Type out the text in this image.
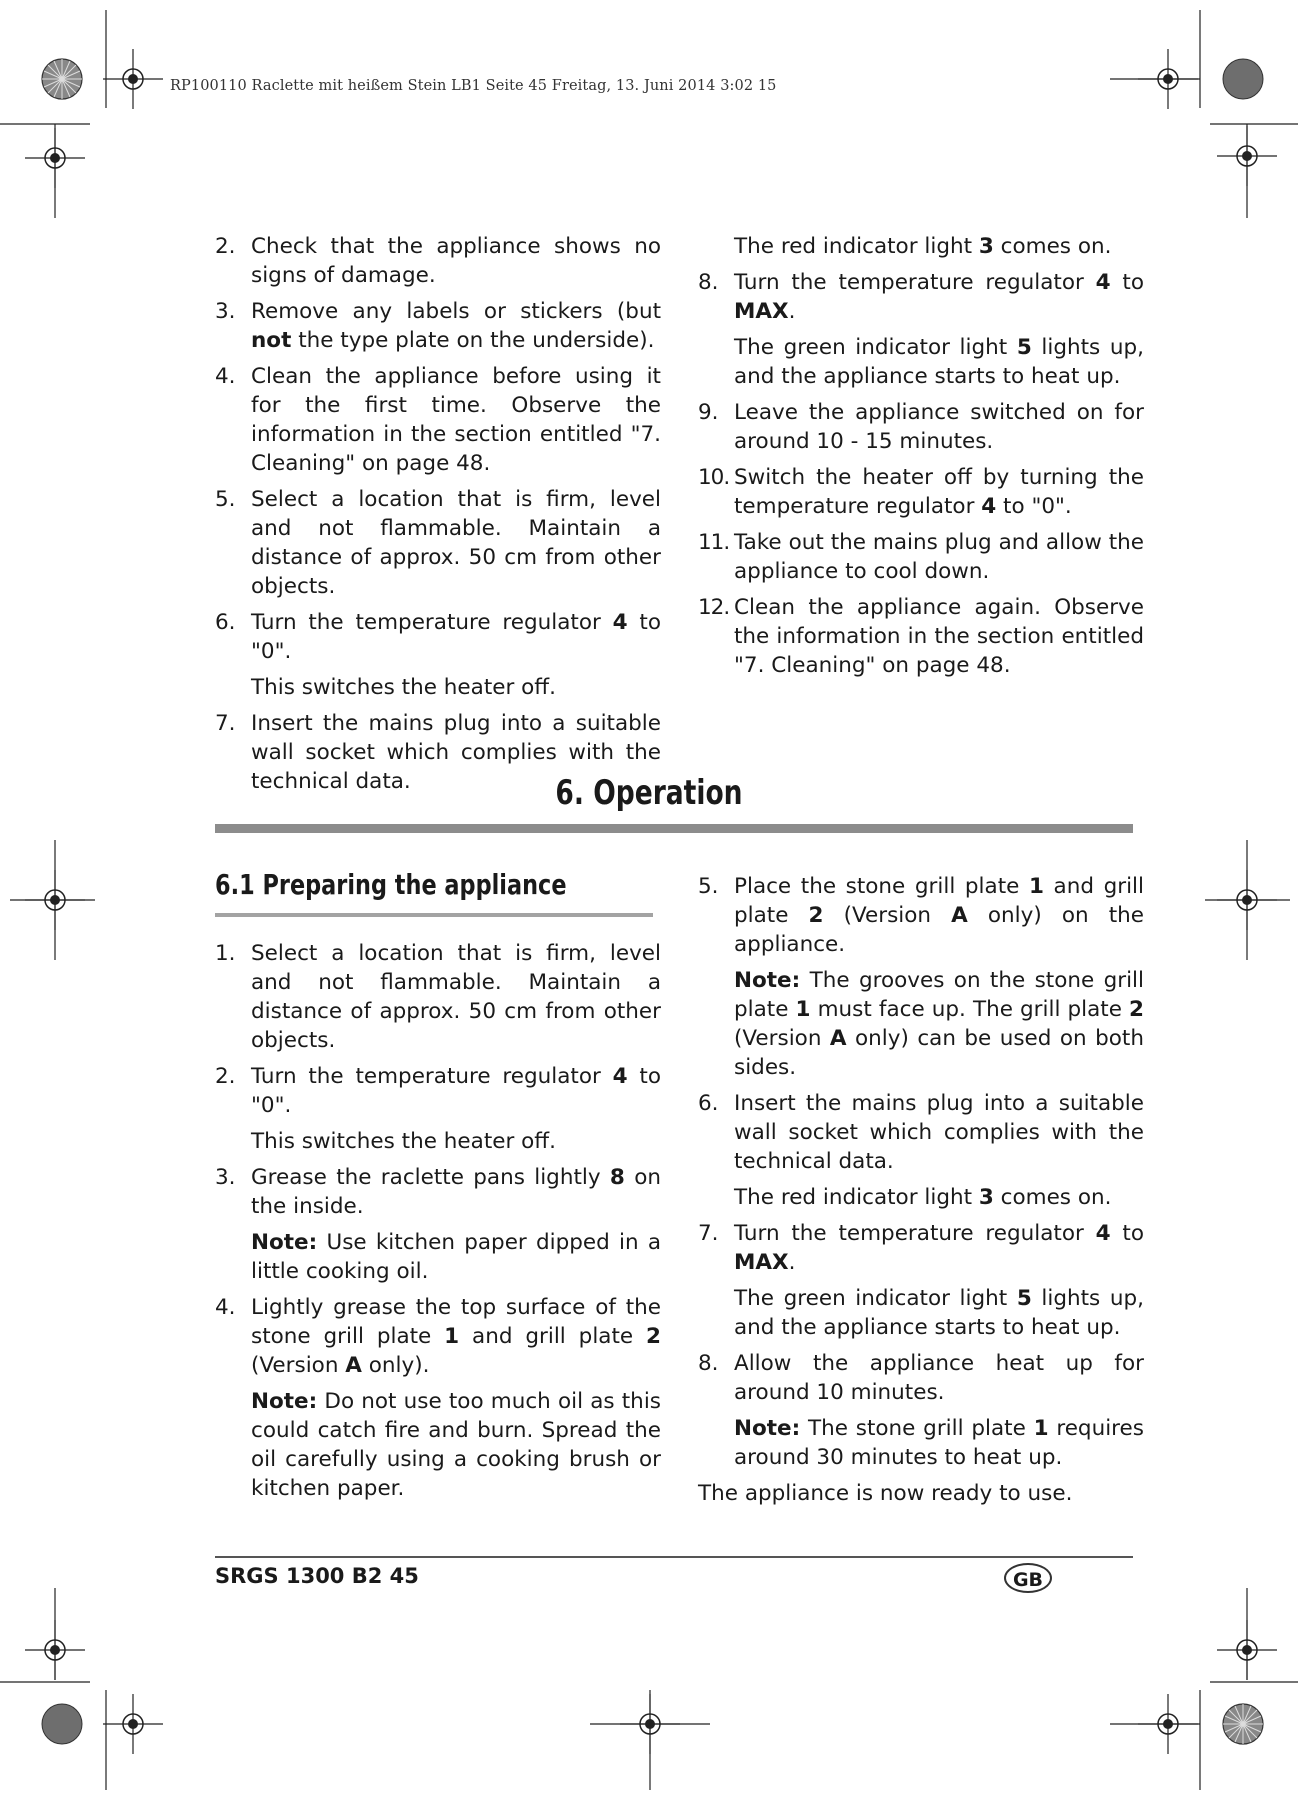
RP100110 Raclette mit heißem Stein LB1 Seite 45 Freitag, 13. Juni 2014 3:02 15
2. Check that the appliance shows no signs of damage.
3. Remove any labels or stickers (but not the type plate on the underside).
4. Clean the appliance before using it for the first time. Observe the information in the section entitled "7. Cleaning" on page 48.
5. Select a location that is firm, level and not flammable. Maintain a distance of approx. 50 cm from other objects.
6. Turn the temperature regulator 4 to "0".
This switches the heater off.
7. Insert the mains plug into a suitable wall socket which complies with the technical data.
The red indicator light 3 comes on.
8. Turn the temperature regulator 4 to MAX.
The green indicator light 5 lights up, and the appliance starts to heat up.
9. Leave the appliance switched on for around 10 - 15 minutes.
10. Switch the heater off by turning the temperature regulator 4 to "0".
11. Take out the mains plug and allow the appliance to cool down.
12. Clean the appliance again. Observe the information in the section entitled "7. Cleaning" on page 48.
6. Operation
6.1 Preparing the appliance
1. Select a location that is firm, level and not flammable. Maintain a distance of approx. 50 cm from other objects.
2. Turn the temperature regulator 4 to "0".
This switches the heater off.
3. Grease the raclette pans lightly 8 on the inside.
Note: Use kitchen paper dipped in a little cooking oil.
4. Lightly grease the top surface of the stone grill plate 1 and grill plate 2 (Version A only).
Note: Do not use too much oil as this could catch fire and burn. Spread the oil carefully using a cooking brush or kitchen paper.
5. Place the stone grill plate 1 and grill plate 2 (Version A only) on the appliance.
Note: The grooves on the stone grill plate 1 must face up. The grill plate 2 (Version A only) can be used on both sides.
6. Insert the mains plug into a suitable wall socket which complies with the technical data.
The red indicator light 3 comes on.
7. Turn the temperature regulator 4 to MAX.
The green indicator light 5 lights up, and the appliance starts to heat up.
8. Allow the appliance heat up for around 10 minutes.
Note: The stone grill plate 1 requires around 30 minutes to heat up.
The appliance is now ready to use.
SRGS 1300 B2 45	GB
